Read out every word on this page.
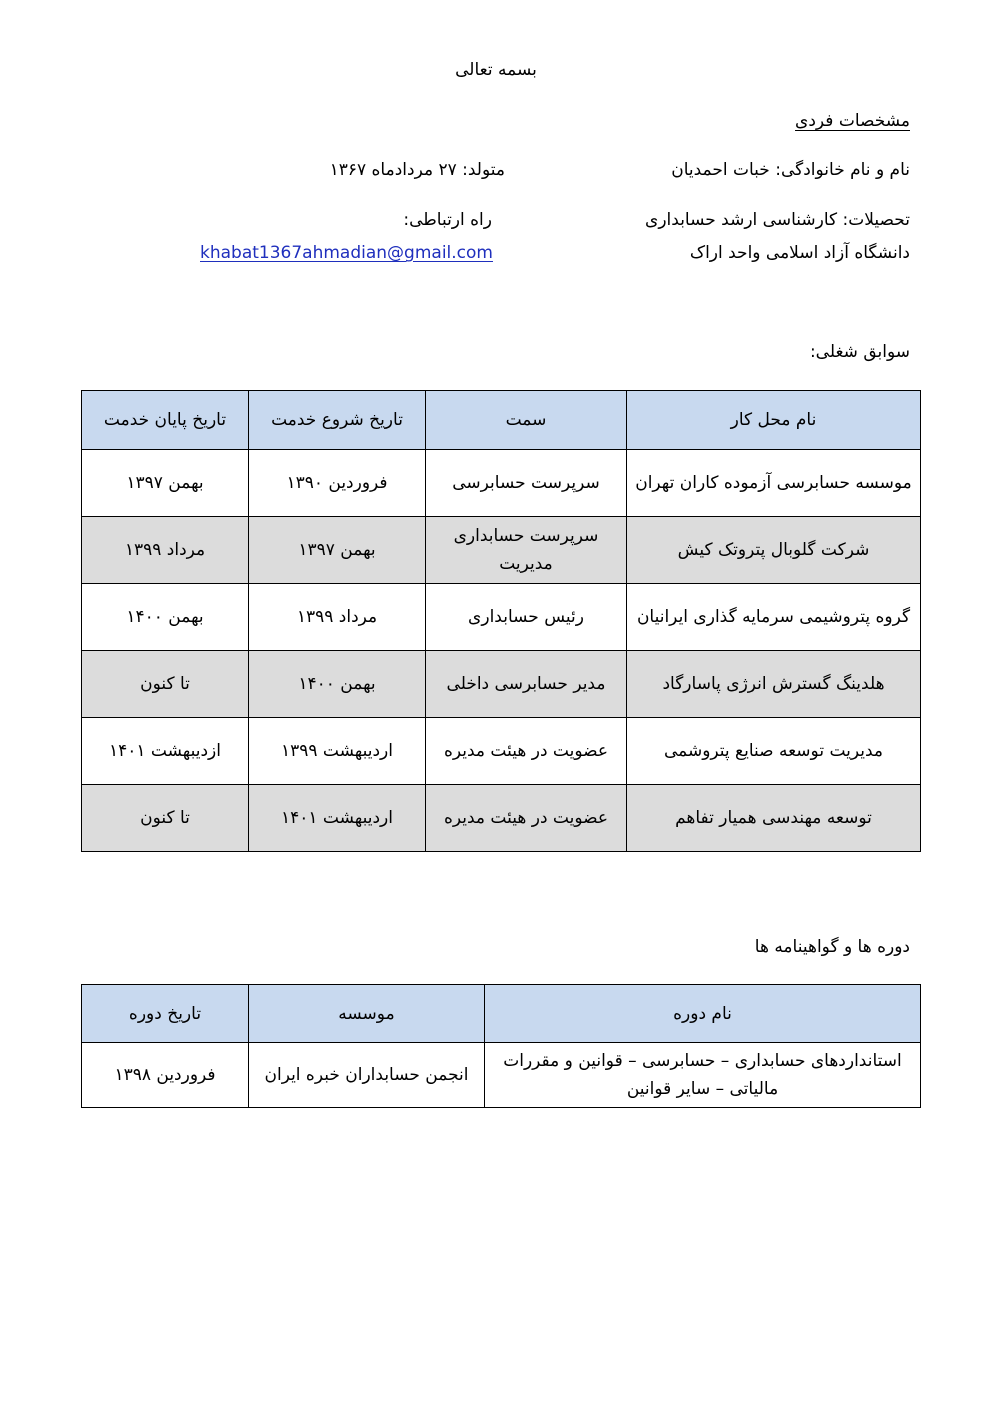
بسمه تعالی
مشخصات فردی
نام و نام خانوادگی: خبات احمدیان
متولد: ۲۷ مردادماه ۱۳۶۷
تحصیلات: کارشناسی ارشد حسابداری
راه ارتباطی:
دانشگاه آزاد اسلامی واحد اراک
khabat1367ahmadian@gmail.com
سوابق شغلی:
نام محل کار	سمت	تاریخ شروع خدمت	تاریخ پایان خدمت
موسسه حسابرسی آزموده کاران تهران	سرپرست حسابرسی	فروردین ۱۳۹۰	بهمن ۱۳۹۷
شرکت گلوبال پتروتک کیش	سرپرست حسابداری مدیریت	بهمن ۱۳۹۷	مرداد ۱۳۹۹
گروه پتروشیمی سرمایه گذاری ایرانیان	رئیس حسابداری	مرداد ۱۳۹۹	بهمن ۱۴۰۰
هلدینگ گسترش انرژی پاسارگاد	مدیر حسابرسی داخلی	بهمن ۱۴۰۰	تا کنون
مدیریت توسعه صنایع پتروشمی	عضویت در هیئت مدیره	اردیبهشت ۱۳۹۹	ازدیبهشت ۱۴۰۱
توسعه مهندسی همیار تفاهم	عضویت در هیئت مدیره	اردیبهشت ۱۴۰۱	تا کنون
دوره ها و گواهینامه ها
نام دوره	موسسه	تاریخ دوره
استانداردهای حسابداری – حسابرسی – قوانین و مقررات مالیاتی – سایر قوانین	انجمن حسابداران خبره ایران	فروردین ۱۳۹۸
